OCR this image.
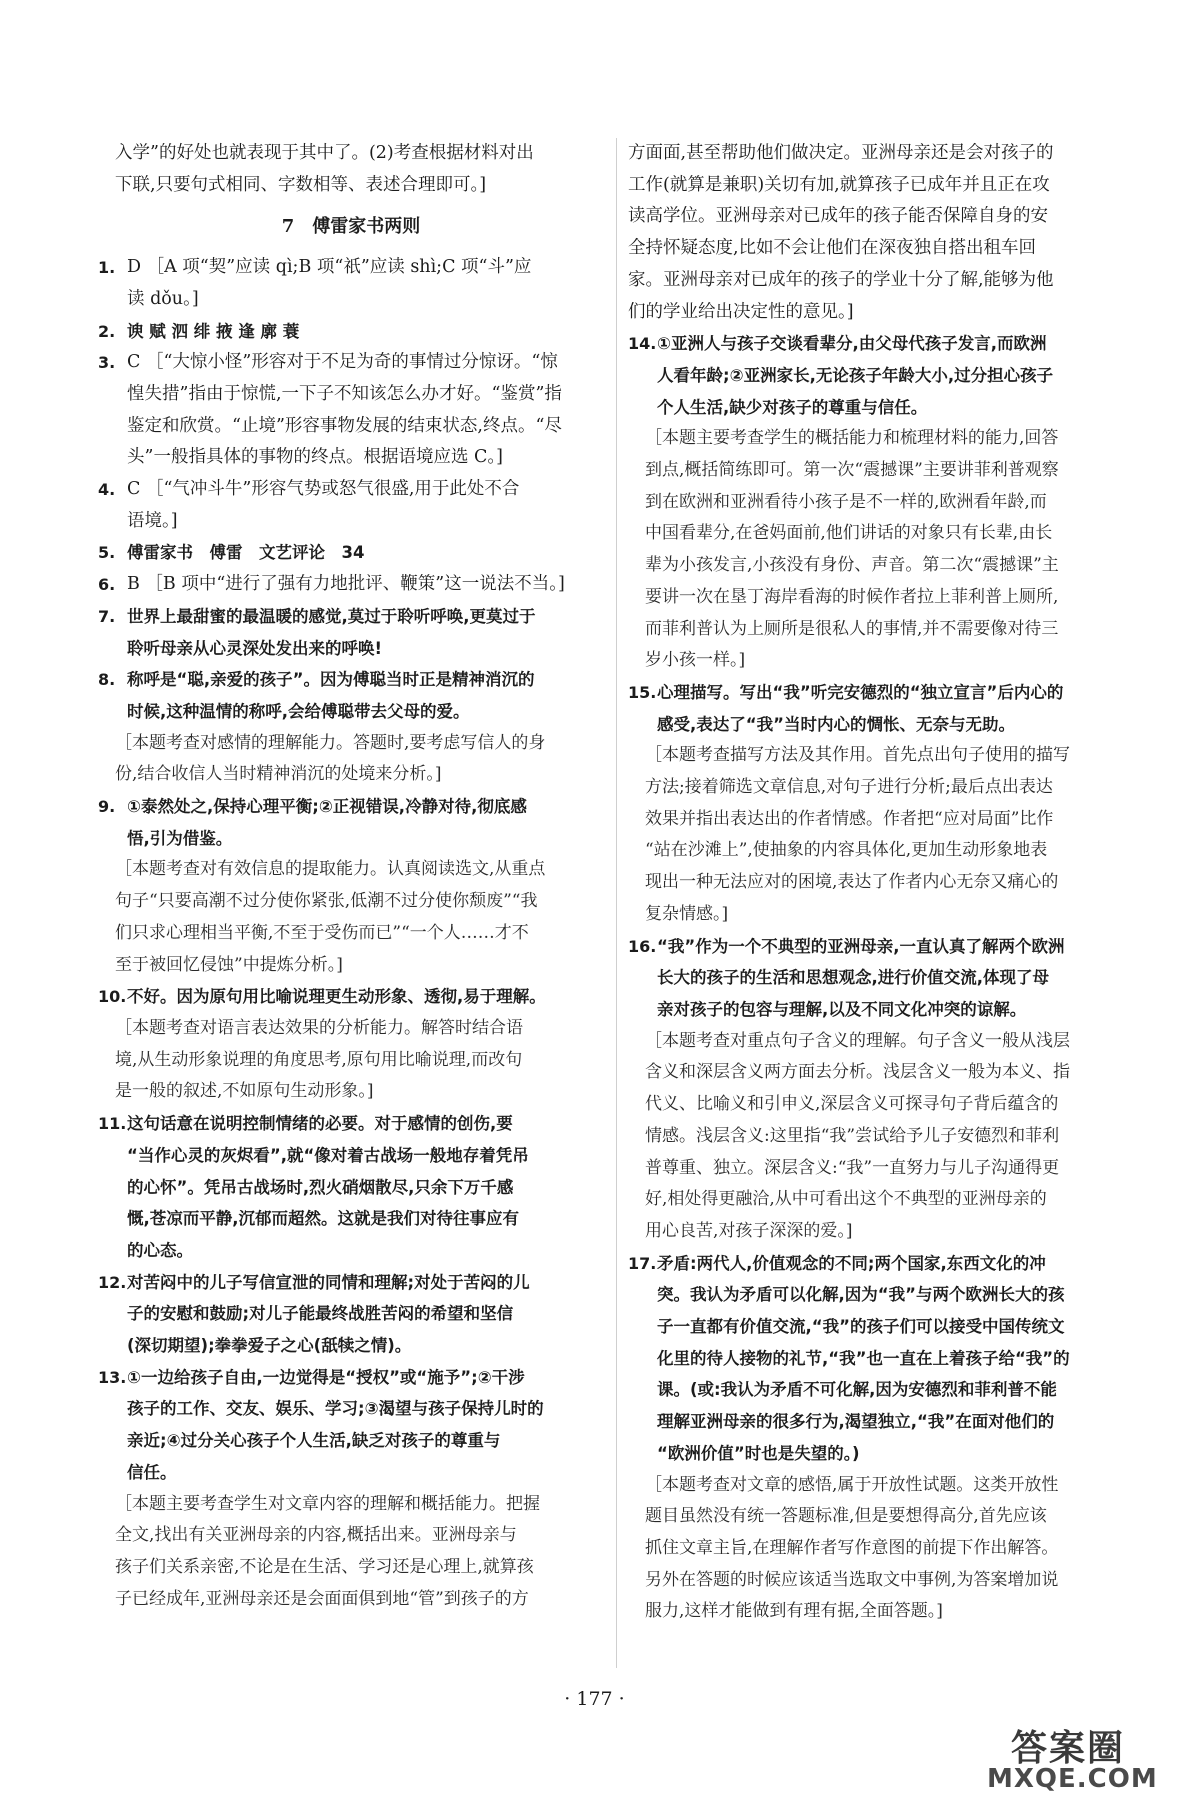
入学”的好处也就表现于其中了。(2)考查根据材料对出
下联,只要句式相同、字数相等、表述合理即可。]
7　傅雷家书两则
1. D ［A 项“契”应读 qì;B 项“祇”应读 shì;C 项“斗”应
读 dǒu。]
2. 谀 赋 泗 绯 掖 逢 廓 蓑
3. C ［“大惊小怪”形容对于不足为奇的事情过分惊讶。“惊
惶失措”指由于惊慌,一下子不知该怎么办才好。“鉴赏”指
鉴定和欣赏。“止境”形容事物发展的结束状态,终点。“尽
头”一般指具体的事物的终点。根据语境应选 C。]
4. C ［“气冲斗牛”形容气势或怒气很盛,用于此处不合
语境。]
5. 傅雷家书　傅雷　文艺评论　34
6. B ［B 项中“进行了强有力地批评、鞭策”这一说法不当。]
7. 世界上最甜蜜的最温暖的感觉,莫过于聆听呼唤,更莫过于
聆听母亲从心灵深处发出来的呼唤!
8. 称呼是“聪,亲爱的孩子”。因为傅聪当时正是精神消沉的
时候,这种温情的称呼,会给傅聪带去父母的爱。
［本题考查对感情的理解能力。答题时,要考虑写信人的身
份,结合收信人当时精神消沉的处境来分析。]
9. ①泰然处之,保持心理平衡;②正视错误,冷静对待,彻底感
悟,引为借鉴。
［本题考查对有效信息的提取能力。认真阅读选文,从重点
句子“只要高潮不过分使你紧张,低潮不过分使你颓废”“我
们只求心理相当平衡,不至于受伤而已”“一个人……才不
至于被回忆侵蚀”中提炼分析。]
10. 不好。因为原句用比喻说理更生动形象、透彻,易于理解。
［本题考查对语言表达效果的分析能力。解答时结合语
境,从生动形象说理的角度思考,原句用比喻说理,而改句
是一般的叙述,不如原句生动形象。]
11. 这句话意在说明控制情绪的必要。对于感情的创伤,要
“当作心灵的灰烬看”,就“像对着古战场一般地存着凭吊
的心怀”。凭吊古战场时,烈火硝烟散尽,只余下万千感
慨,苍凉而平静,沉郁而超然。这就是我们对待往事应有
的心态。
12. 对苦闷中的儿子写信宣泄的同情和理解;对处于苦闷的儿
子的安慰和鼓励;对儿子能最终战胜苦闷的希望和坚信
(深切期望);拳拳爱子之心(舐犊之情)。
13. ①一边给孩子自由,一边觉得是“授权”或“施予”;②干涉
孩子的工作、交友、娱乐、学习;③渴望与孩子保持儿时的
亲近;④过分关心孩子个人生活,缺乏对孩子的尊重与
信任。
［本题主要考查学生对文章内容的理解和概括能力。把握
全文,找出有关亚洲母亲的内容,概括出来。亚洲母亲与
孩子们关系亲密,不论是在生活、学习还是心理上,就算孩
子已经成年,亚洲母亲还是会面面俱到地“管”到孩子的方
方面面,甚至帮助他们做决定。亚洲母亲还是会对孩子的
工作(就算是兼职)关切有加,就算孩子已成年并且正在攻
读高学位。亚洲母亲对已成年的孩子能否保障自身的安
全持怀疑态度,比如不会让他们在深夜独自搭出租车回
家。亚洲母亲对已成年的孩子的学业十分了解,能够为他
们的学业给出决定性的意见。]
14. ①亚洲人与孩子交谈看辈分,由父母代孩子发言,而欧洲
人看年龄;②亚洲家长,无论孩子年龄大小,过分担心孩子
个人生活,缺少对孩子的尊重与信任。
［本题主要考查学生的概括能力和梳理材料的能力,回答
到点,概括简练即可。第一次“震撼课”主要讲菲利普观察
到在欧洲和亚洲看待小孩子是不一样的,欧洲看年龄,而
中国看辈分,在爸妈面前,他们讲话的对象只有长辈,由长
辈为小孩发言,小孩没有身份、声音。第二次“震撼课”主
要讲一次在垦丁海岸看海的时候作者拉上菲利普上厕所,
而菲利普认为上厕所是很私人的事情,并不需要像对待三
岁小孩一样。]
15. 心理描写。写出“我”听完安德烈的“独立宣言”后内心的
感受,表达了“我”当时内心的惆怅、无奈与无助。
［本题考查描写方法及其作用。首先点出句子使用的描写
方法;接着筛选文章信息,对句子进行分析;最后点出表达
效果并指出表达出的作者情感。作者把“应对局面”比作
“站在沙滩上”,使抽象的内容具体化,更加生动形象地表
现出一种无法应对的困境,表达了作者内心无奈又痛心的
复杂情感。]
16. “我”作为一个不典型的亚洲母亲,一直认真了解两个欧洲
长大的孩子的生活和思想观念,进行价值交流,体现了母
亲对孩子的包容与理解,以及不同文化冲突的谅解。
［本题考查对重点句子含义的理解。句子含义一般从浅层
含义和深层含义两方面去分析。浅层含义一般为本义、指
代义、比喻义和引申义,深层含义可探寻句子背后蕴含的
情感。浅层含义:这里指“我”尝试给予儿子安德烈和菲利
普尊重、独立。深层含义:“我”一直努力与儿子沟通得更
好,相处得更融洽,从中可看出这个不典型的亚洲母亲的
用心良苦,对孩子深深的爱。]
17. 矛盾:两代人,价值观念的不同;两个国家,东西文化的冲
突。我认为矛盾可以化解,因为“我”与两个欧洲长大的孩
子一直都有价值交流,“我”的孩子们可以接受中国传统文
化里的待人接物的礼节,“我”也一直在上着孩子给“我”的
课。(或:我认为矛盾不可化解,因为安德烈和菲利普不能
理解亚洲母亲的很多行为,渴望独立,“我”在面对他们的
“欧洲价值”时也是失望的。)
［本题考查对文章的感悟,属于开放性试题。这类开放性
题目虽然没有统一答题标准,但是要想得高分,首先应该
抓住文章主旨,在理解作者写作意图的前提下作出解答。
另外在答题的时候应该适当选取文中事例,为答案增加说
服力,这样才能做到有理有据,全面答题。]
· 177 ·
答案圈
MXQE.COM
